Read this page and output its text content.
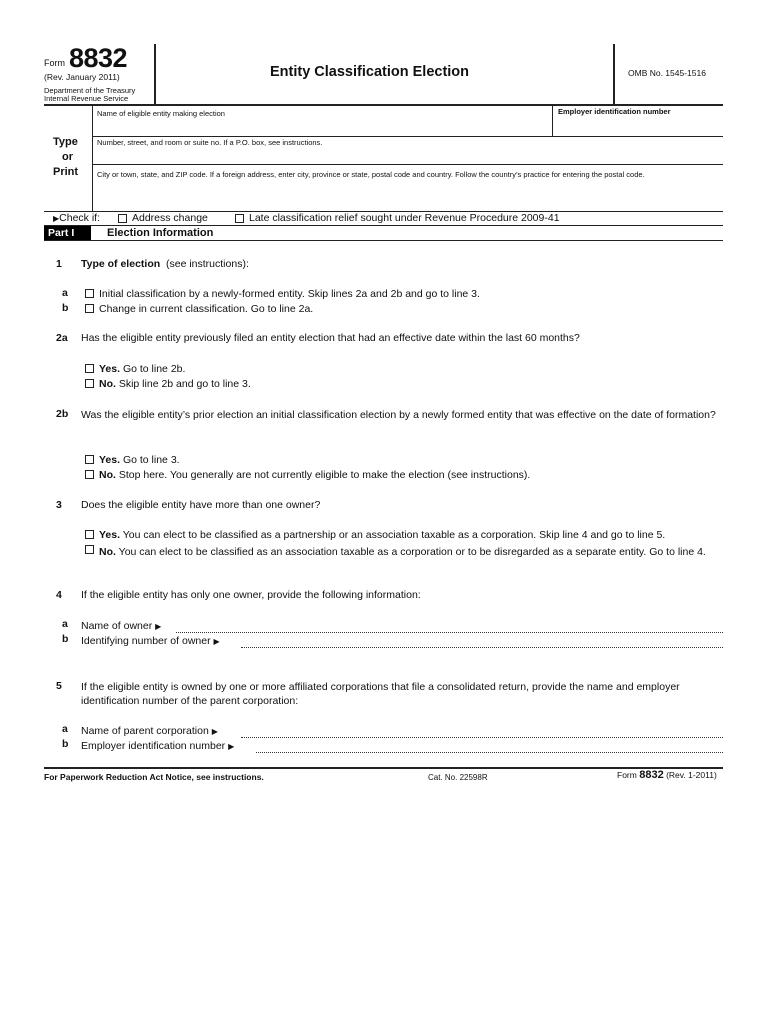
Form 8832
(Rev. January 2011)
Department of the Treasury
Internal Revenue Service
Entity Classification Election	OMB No. 1545-1516
Type
or
Print
Name of eligible entity making election	Employer identification number
Number, street, and room or suite no. If a P.O. box, see instructions.
City or town, state, and ZIP code. If a foreign address, enter city, province or state, postal code and country. Follow the country’s practice for entering the postal code.
▶Check if:	Address change	Late classification relief sought under Revenue Procedure 2009-41
Part I	Election Information
1 Type of election (see instructions):
a	Initial classification by a newly-formed entity. Skip lines 2a and 2b and go to line 3.
b	Change in current classification. Go to line 2a.
2a Has the eligible entity previously filed an entity election that had an effective date within the last 60 months?
Yes. Go to line 2b.
No. Skip line 2b and go to line 3.
2b Was the eligible entity’s prior election an initial classification election by a newly formed entity that was effective on the date of formation?
Yes. Go to line 3.
No. Stop here. You generally are not currently eligible to make the election (see instructions).
3 Does the eligible entity have more than one owner?
Yes. You can elect to be classified as a partnership or an association taxable as a corporation. Skip line 4 and go to line 5.
No. You can elect to be classified as an association taxable as a corporation or to be disregarded as a separate entity. Go to line 4.
4 If the eligible entity has only one owner, provide the following information:
a Name of owner ▶
b Identifying number of owner ▶
5 If the eligible entity is owned by one or more affiliated corporations that file a consolidated return, provide the name and employer identification number of the parent corporation:
a Name of parent corporation ▶
b Employer identification number ▶
For Paperwork Reduction Act Notice, see instructions.	Cat. No. 22598R	Form 8832 (Rev. 1-2011)
